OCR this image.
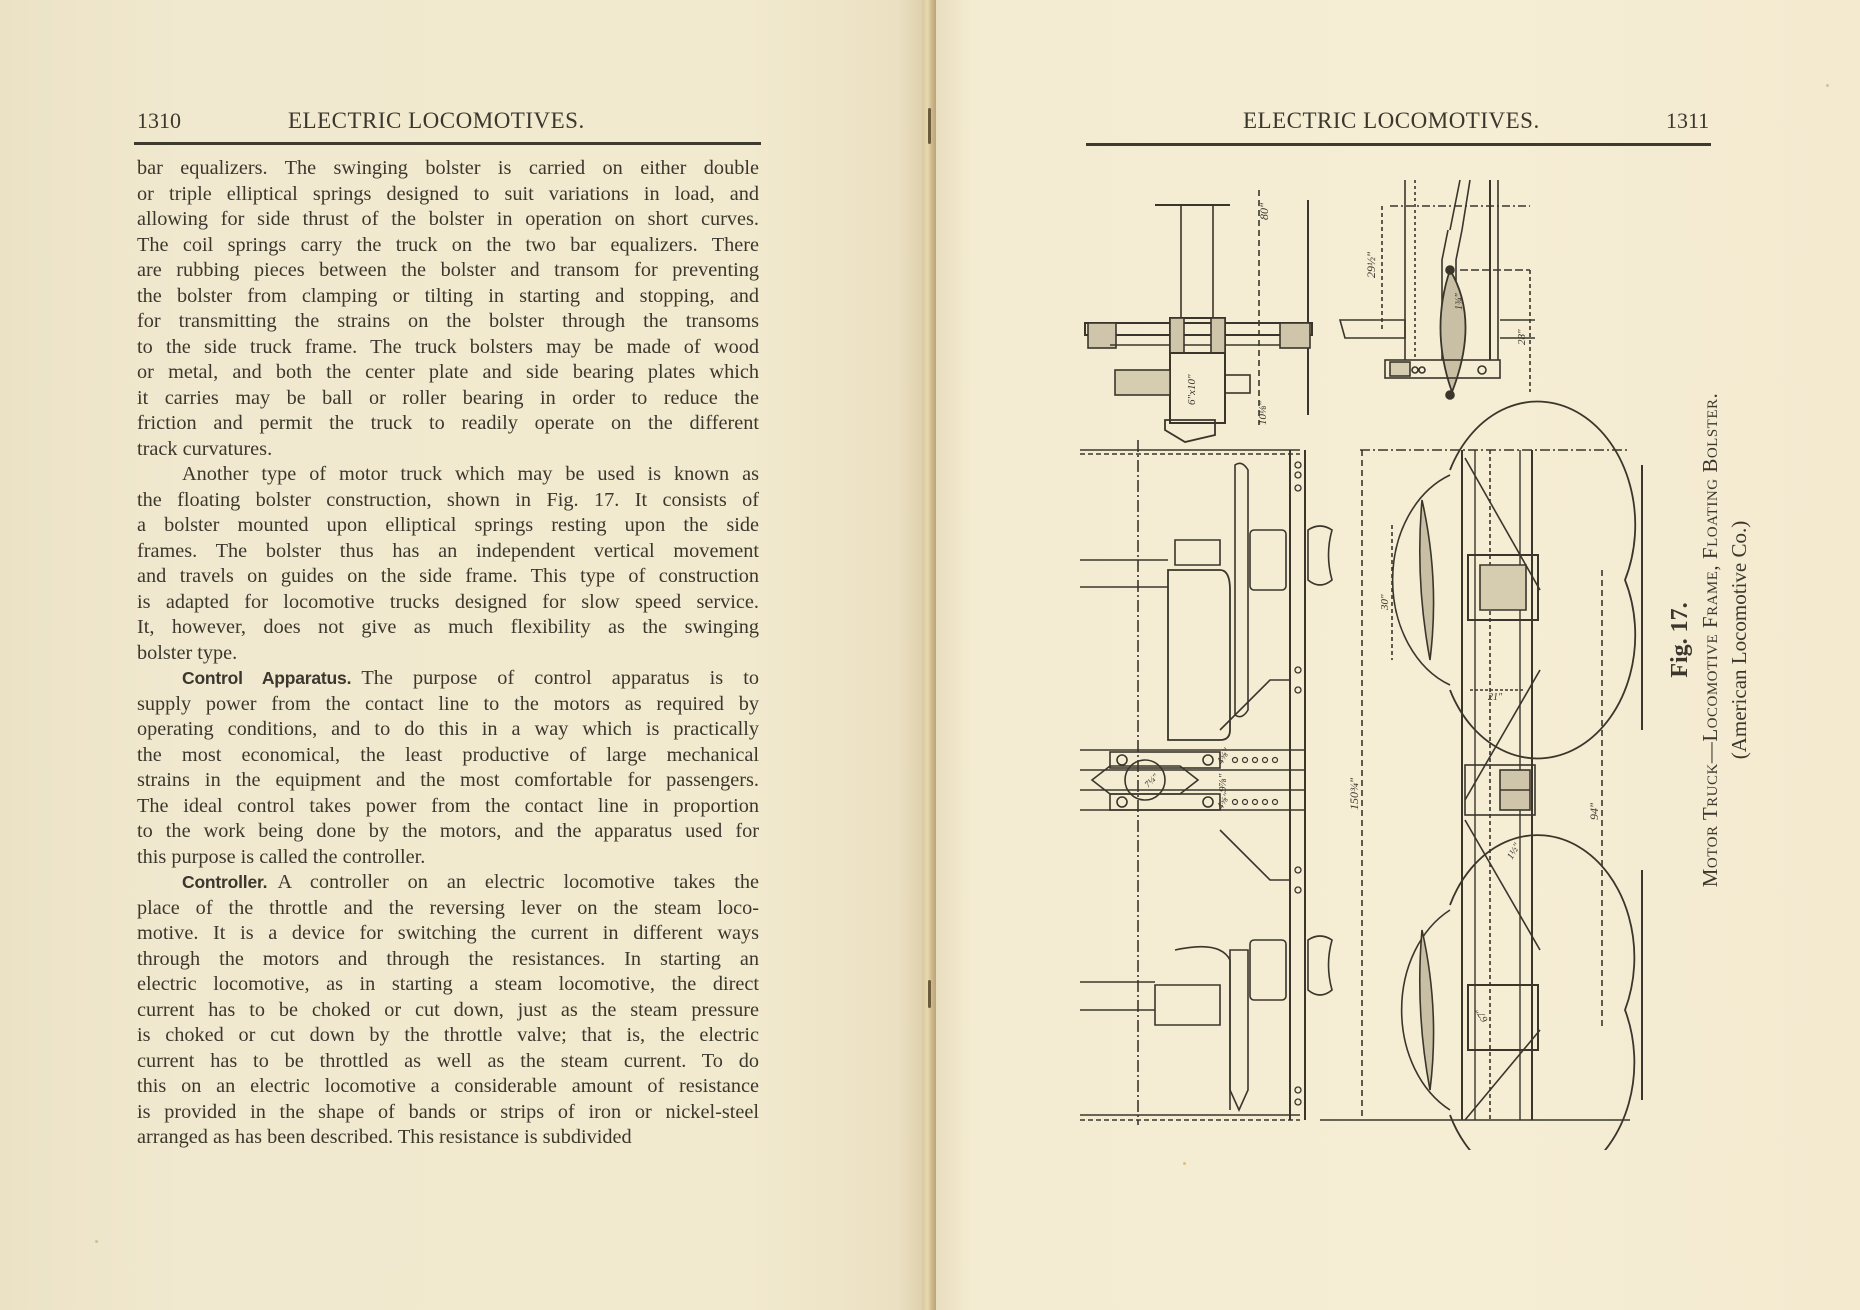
1310	ELECTRIC LOCOMOTIVES.
bar equalizers. The swinging bolster is carried on either double
or triple elliptical springs designed to suit variations in load, and
allowing for side thrust of the bolster in operation on short curves.
The coil springs carry the truck on the two bar equalizers. There
are rubbing pieces between the bolster and transom for preventing
the bolster from clamping or tilting in starting and stopping, and
for transmitting the strains on the bolster through the transoms
to the side truck frame. The truck bolsters may be made of wood
or metal, and both the center plate and side bearing plates which
it carries may be ball or roller bearing in order to reduce the
friction and permit the truck to readily operate on the different
track curvatures.
Another type of motor truck which may be used is known as
the floating bolster construction, shown in Fig. 17. It consists of
a bolster mounted upon elliptical springs resting upon the side
frames. The bolster thus has an independent vertical movement
and travels on guides on the side frame. This type of construction
is adapted for locomotive trucks designed for slow speed service.
It, however, does not give as much flexibility as the swinging
bolster type.
Control Apparatus.  The purpose of control apparatus is to
supply power from the contact line to the motors as required by
operating conditions, and to do this in a way which is practically
the most economical, the least productive of large mechanical
strains in the equipment and the most comfortable for passengers.
The ideal control takes power from the contact line in proportion
to the work being done by the motors, and the apparatus used for
this purpose is called the controller.
Controller.  A controller on an electric locomotive takes the
place of the throttle and the reversing lever on the steam loco-
motive. It is a device for switching the current in different ways
through the motors and through the resistances. In starting an
electric locomotive, as in starting a steam locomotive, the direct
current has to be choked or cut down, just as the steam pressure
is choked or cut down by the throttle valve; that is, the electric
current has to be throttled as well as the steam current. To do
this on an electric locomotive a considerable amount of resistance
is provided in the shape of bands or strips of iron or nickel-steel
arranged as has been described. This resistance is subdivided
ELECTRIC LOCOMOTIVES.	1311
80"
6"x10"
10⅛"
29½"
28"
1¾"
4⅝"
9⅞"
4⅝"
7¼"	150¾"
30"
21"
94"
1½"
67"
Fig. 17. Motor Truck—Locomotive Frame, Floating Bolster. (American Locomotive Co.)
